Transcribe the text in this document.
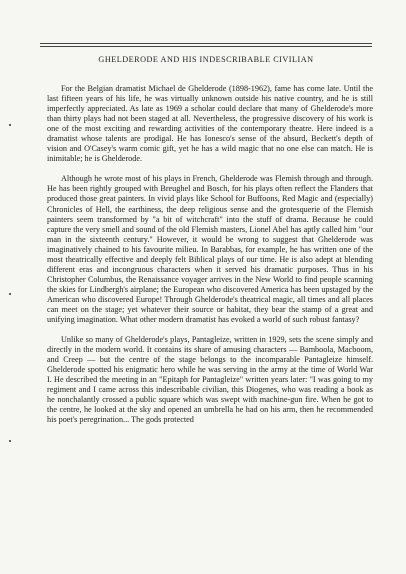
GHELDERODE AND HIS INDESCRIBABLE CIVILIAN

For the Belgian dramatist Michael de Ghelderode (1898-1962), fame has come late. Until the last fifteen years of his life, he was virtually unknown outside his native country, and he is still imperfectly appreciated. As late as 1969 a scholar could declare that many of Ghelderode's more than thirty plays had not been staged at all. Nevertheless, the progressive discovery of his work is one of the most exciting and rewarding activities of the contemporary theatre. Here indeed is a dramatist whose talents are prodigal. He has Ionesco's sense of the absurd, Beckett's depth of vision and O'Casey's warm comic gift, yet he has a wild magic that no one else can match. He is inimitable; he is Ghelderode.

Although he wrote most of his plays in French, Ghelderode was Flemish through and through. He has been rightly grouped with Breughel and Bosch, for his plays often reflect the Flanders that produced those great painters. In vivid plays like School for Buffoons, Red Magic and (especially) Chronicles of Hell, the earthiness, the deep religious sense and the grotesquerie of the Flemish painters seem transformed by "a bit of witchcraft" into the stuff of drama. Because he could capture the very smell and sound of the old Flemish masters, Lionel Abel has aptly called him "our man in the sixteenth century." However, it would be wrong to suggest that Ghelderode was imaginatively chained to his favourite milieu. In Barabbas, for example, he has written one of the most theatrically effective and deeply felt Biblical plays of our time. He is also adept at blending different eras and incongruous characters when it served his dramatic purposes. Thus in his Christopher Columbus, the Renaissance voyager arrives in the New World to find people scanning the skies for Lindbergh's airplane; the European who discovered America has been upstaged by the American who discovered Europe! Through Ghelderode's theatrical magic, all times and all places can meet on the stage; yet whatever their source or habitat, they bear the stamp of a great and unifying imagination. What other modern dramatist has evoked a world of such robust fantasy?

Unlike so many of Ghelderode's plays, Pantagleize, written in 1929, sets the scene simply and directly in the modern world. It contains its share of amusing characters — Bamboola, Macboom, and Creep — but the centre of the stage belongs to the incomparable Pantagleize himself. Ghelderode spotted his enigmatic hero while he was serving in the army at the time of World War I. He described the meeting in an "Epitaph for Pantagleize" written years later: "I was going to my regiment and I came across this indescribable civilian, this Diogenes, who was reading a book as he nonchalantly crossed a public square which was swept with machine-gun fire. When he got to the centre, he looked at the sky and opened an umbrella he had on his arm, then he recommended his poet's peregrination... The gods protected
